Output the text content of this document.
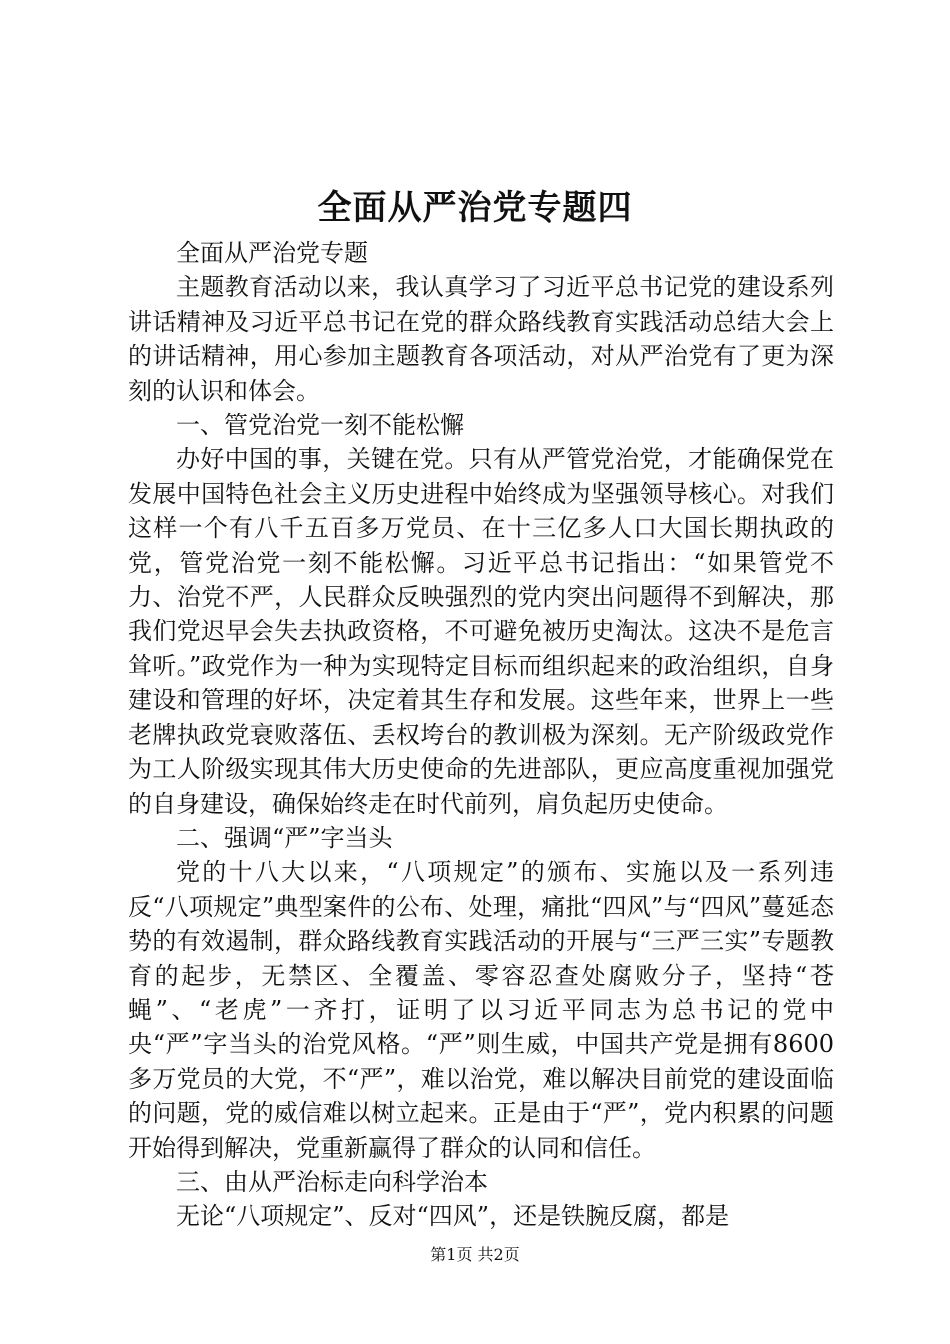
全面从严治党专题四

全面从严治党专题

主题教育活动以来，我认真学习了习近平总书记党的建设系列讲话精神及习近平总书记在党的群众路线教育实践活动总结大会上的讲话精神，用心参加主题教育各项活动，对从严治党有了更为深刻的认识和体会。

一、管党治党一刻不能松懈

办好中国的事，关键在党。只有从严管党治党，才能确保党在发展中国特色社会主义历史进程中始终成为坚强领导核心。对我们这样一个有八千五百多万党员、在十三亿多人口大国长期执政的党，管党治党一刻不能松懈。习近平总书记指出：“如果管党不力、治党不严，人民群众反映强烈的党内突出问题得不到解决，那我们党迟早会失去执政资格，不可避免被历史淘汰。这决不是危言耸听。”政党作为一种为实现特定目标而组织起来的政治组织，自身建设和管理的好坏，决定着其生存和发展。这些年来，世界上一些老牌执政党衰败落伍、丢权垮台的教训极为深刻。无产阶级政党作为工人阶级实现其伟大历史使命的先进部队，更应高度重视加强党的自身建设，确保始终走在时代前列，肩负起历史使命。

二、强调“严”字当头

党的十八大以来，“八项规定”的颁布、实施以及一系列违反“八项规定”典型案件的公布、处理，痛批“四风”与“四风”蔓延态势的有效遏制，群众路线教育实践活动的开展与“三严三实”专题教育的起步，无禁区、全覆盖、零容忍查处腐败分子，坚持“苍蝇”、“老虎”一齐打，证明了以习近平同志为总书记的党中央“严”字当头的治党风格。“严”则生威，中国共产党是拥有8600多万党员的大党，不“严”，难以治党，难以解决目前党的建设面临的问题，党的威信难以树立起来。正是由于“严”，党内积累的问题开始得到解决，党重新赢得了群众的认同和信任。

三、由从严治标走向科学治本

无论“八项规定”、反对“四风”，还是铁腕反腐，都是

第1页 共2页
